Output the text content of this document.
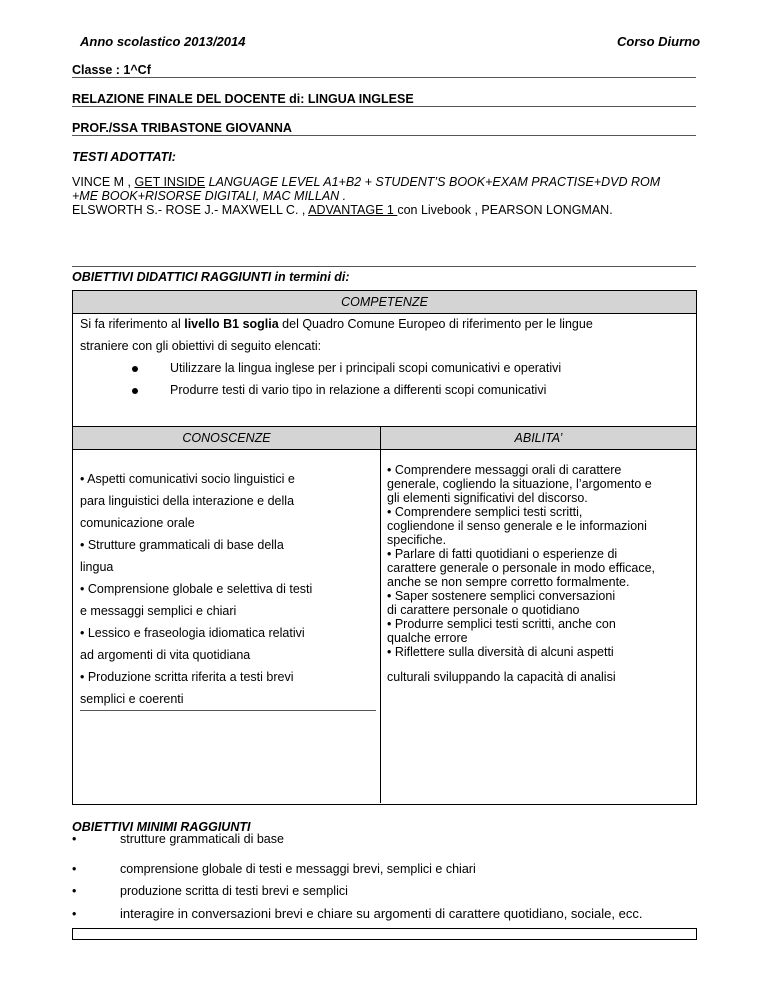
Anno scolastico 2013/2014	Corso Diurno
Classe : 1^Cf
RELAZIONE FINALE DEL DOCENTE di: LINGUA INGLESE
PROF./SSA TRIBASTONE GIOVANNA
TESTI ADOTTATI:
VINCE M , GET INSIDE LANGUAGE LEVEL A1+B2 + STUDENT’S BOOK+EXAM PRACTISE+DVD ROM
+ME BOOK+RISORSE DIGITALI, MAC MILLAN .
ELSWORTH S.- ROSE J.- MAXWELL C. , ADVANTAGE 1 con Livebook , PEARSON LONGMAN.
OBIETTIVI DIDATTICI RAGGIUNTI in termini di:
COMPETENZE
Si fa riferimento al livello B1 soglia del Quadro Comune Europeo di riferimento per le lingue
straniere con gli obiettivi di seguito elencati:
Utilizzare la lingua inglese per i principali scopi comunicativi e operativi
Produrre testi di vario tipo in relazione a differenti scopi comunicativi
CONOSCENZE	ABILITA’
• Aspetti comunicativi socio linguistici e
para linguistici della interazione e della
comunicazione orale
• Strutture grammaticali di base della
lingua
• Comprensione globale e selettiva di testi
e messaggi semplici e chiari
• Lessico e fraseologia idiomatica relativi
ad argomenti di vita quotidiana
• Produzione scritta riferita a testi brevi
semplici e coerenti
• Comprendere messaggi orali di carattere
generale, cogliendo la situazione, l’argomento e
gli elementi significativi del discorso.
• Comprendere semplici testi scritti,
cogliendone il senso generale e le informazioni
specifiche.
• Parlare di fatti quotidiani o esperienze di
carattere generale o personale in modo efficace,
anche se non sempre corretto formalmente.
• Saper sostenere semplici conversazioni
di carattere personale o quotidiano
• Produrre semplici testi scritti, anche con
qualche errore
• Riflettere sulla diversità di alcuni aspetti
culturali sviluppando la capacità di analisi
OBIETTIVI MINIMI RAGGIUNTI
•	strutture grammaticali di base
•	comprensione globale di testi e messaggi brevi, semplici e chiari
•	produzione scritta di testi brevi e semplici
•	interagire in conversazioni brevi e chiare su argomenti di carattere quotidiano, sociale, ecc.
